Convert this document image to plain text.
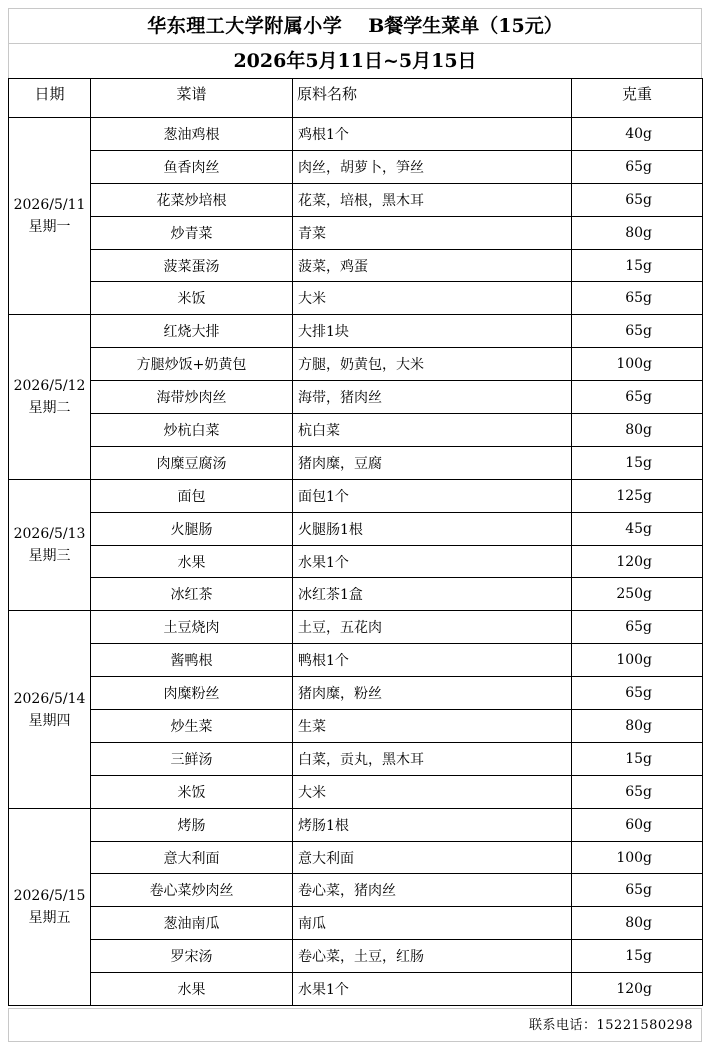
华东理工大学附属小学 B餐学生菜单（15元）
2026年5月11日~5月15日
日期	菜谱	原料名称	克重

2026/5/11
星期一	葱油鸡根	鸡根1个	40g
	鱼香肉丝	肉丝，胡萝卜，笋丝	65g
	花菜炒培根	花菜，培根，黑木耳	65g
	炒青菜	青菜	80g
	菠菜蛋汤	菠菜，鸡蛋	15g
	米饭	大米	65g

2026/5/12
星期二	红烧大排	大排1块	65g
	方腿炒饭+奶黄包	方腿，奶黄包，大米	100g
	海带炒肉丝	海带，猪肉丝	65g
	炒杭白菜	杭白菜	80g
	肉糜豆腐汤	猪肉糜，豆腐	15g

2026/5/13
星期三	面包	面包1个	125g
	火腿肠	火腿肠1根	45g
	水果	水果1个	120g
	冰红茶	冰红茶1盒	250g

2026/5/14
星期四	土豆烧肉	土豆，五花肉	65g
	酱鸭根	鸭根1个	100g
	肉糜粉丝	猪肉糜，粉丝	65g
	炒生菜	生菜	80g
	三鲜汤	白菜，贡丸，黑木耳	15g
	米饭	大米	65g

2026/5/15
星期五	烤肠	烤肠1根	60g
	意大利面	意大利面	100g
	卷心菜炒肉丝	卷心菜，猪肉丝	65g
	葱油南瓜	南瓜	80g
	罗宋汤	卷心菜，土豆，红肠	15g
	水果	水果1个	120g
联系电话：15221580298
